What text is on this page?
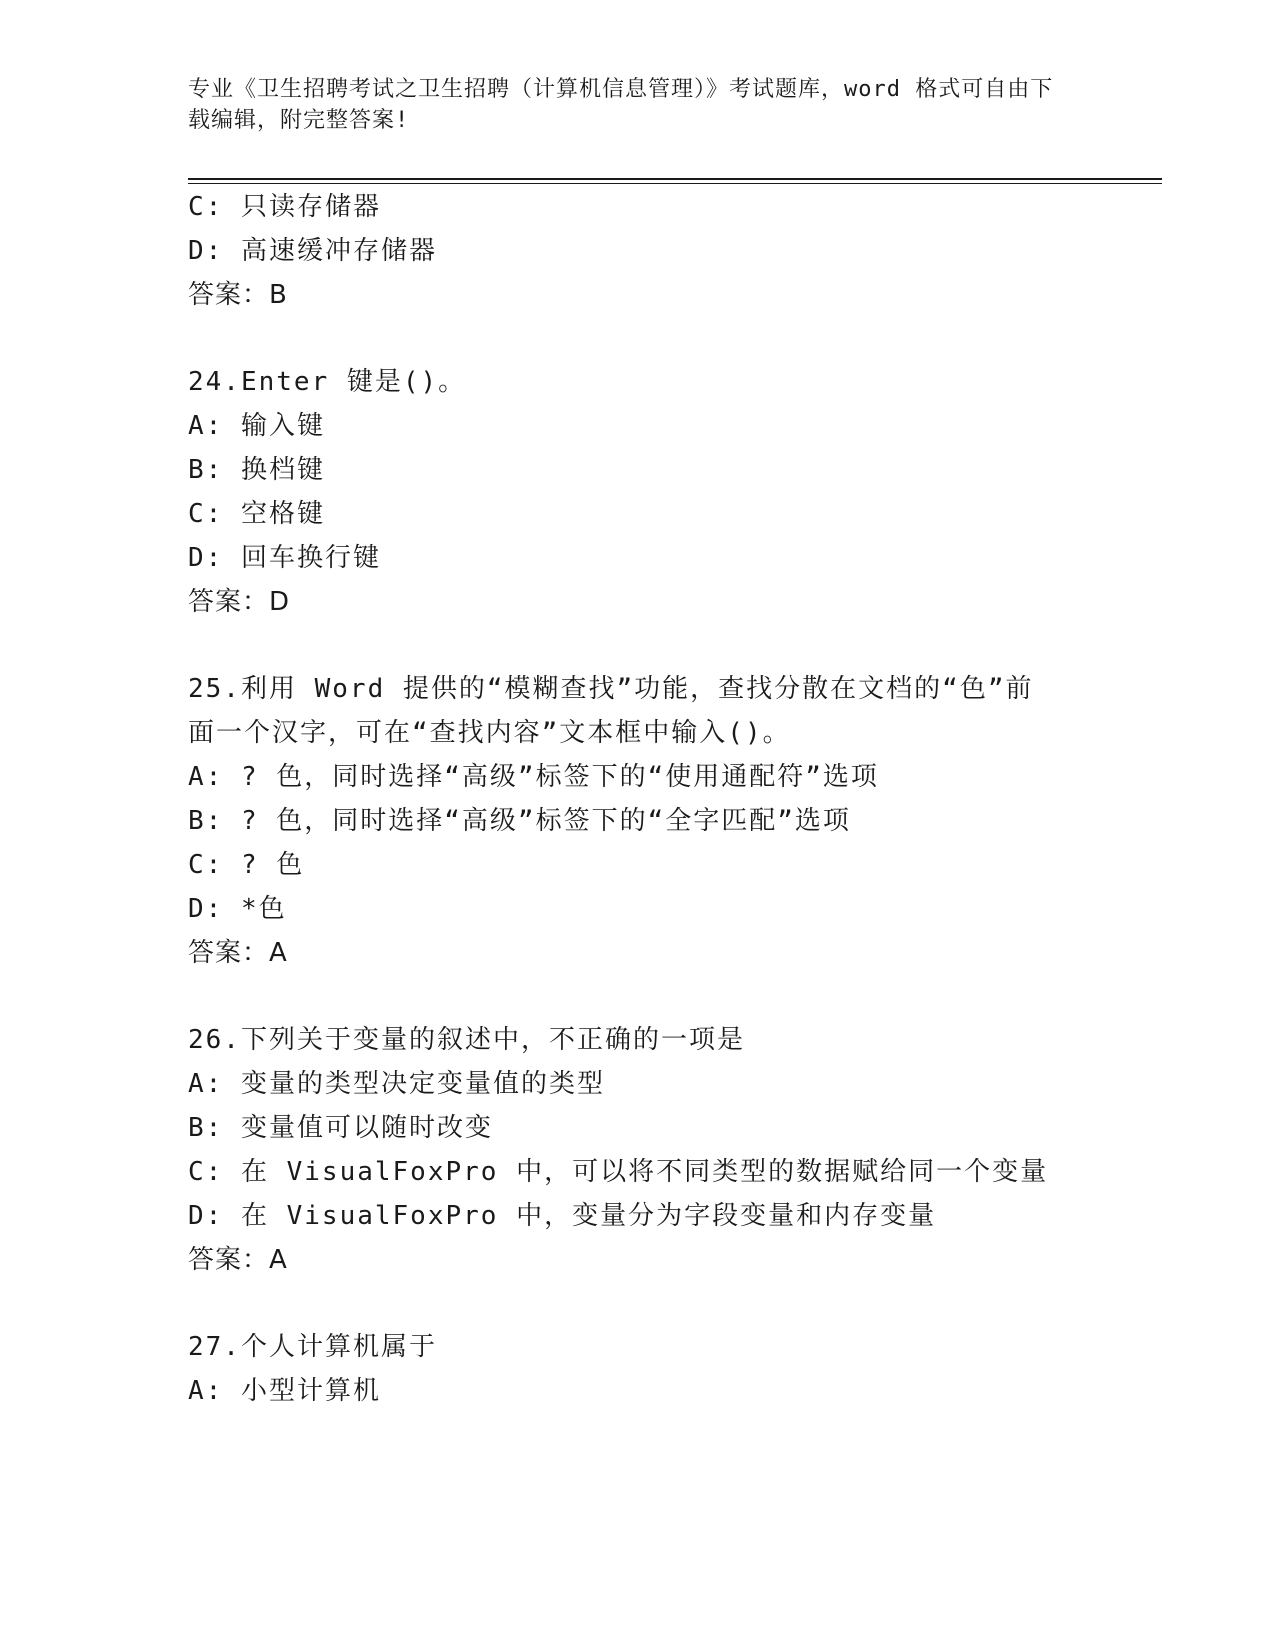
专业《卫生招聘考试之卫生招聘（计算机信息管理）》考试题库，word 格式可自由下载编辑，附完整答案!
C: 只读存储器
D: 高速缓冲存储器
答案：B
24.Enter 键是()。
A: 输入键
B: 换档键
C: 空格键
D: 回车换行键
答案：D
25.利用 Word 提供的“模糊查找”功能，查找分散在文档的“色”前
面一个汉字，可在“查找内容”文本框中输入()。
A: ? 色，同时选择“高级”标签下的“使用通配符”选项
B: ? 色，同时选择“高级”标签下的“全字匹配”选项
C: ? 色
D: *色
答案：A
26.下列关于变量的叙述中，不正确的一项是
A: 变量的类型决定变量值的类型
B: 变量值可以随时改变
C: 在 VisualFoxPro 中，可以将不同类型的数据赋给同一个变量
D: 在 VisualFoxPro 中，变量分为字段变量和内存变量
答案：A
27.个人计算机属于
A: 小型计算机
